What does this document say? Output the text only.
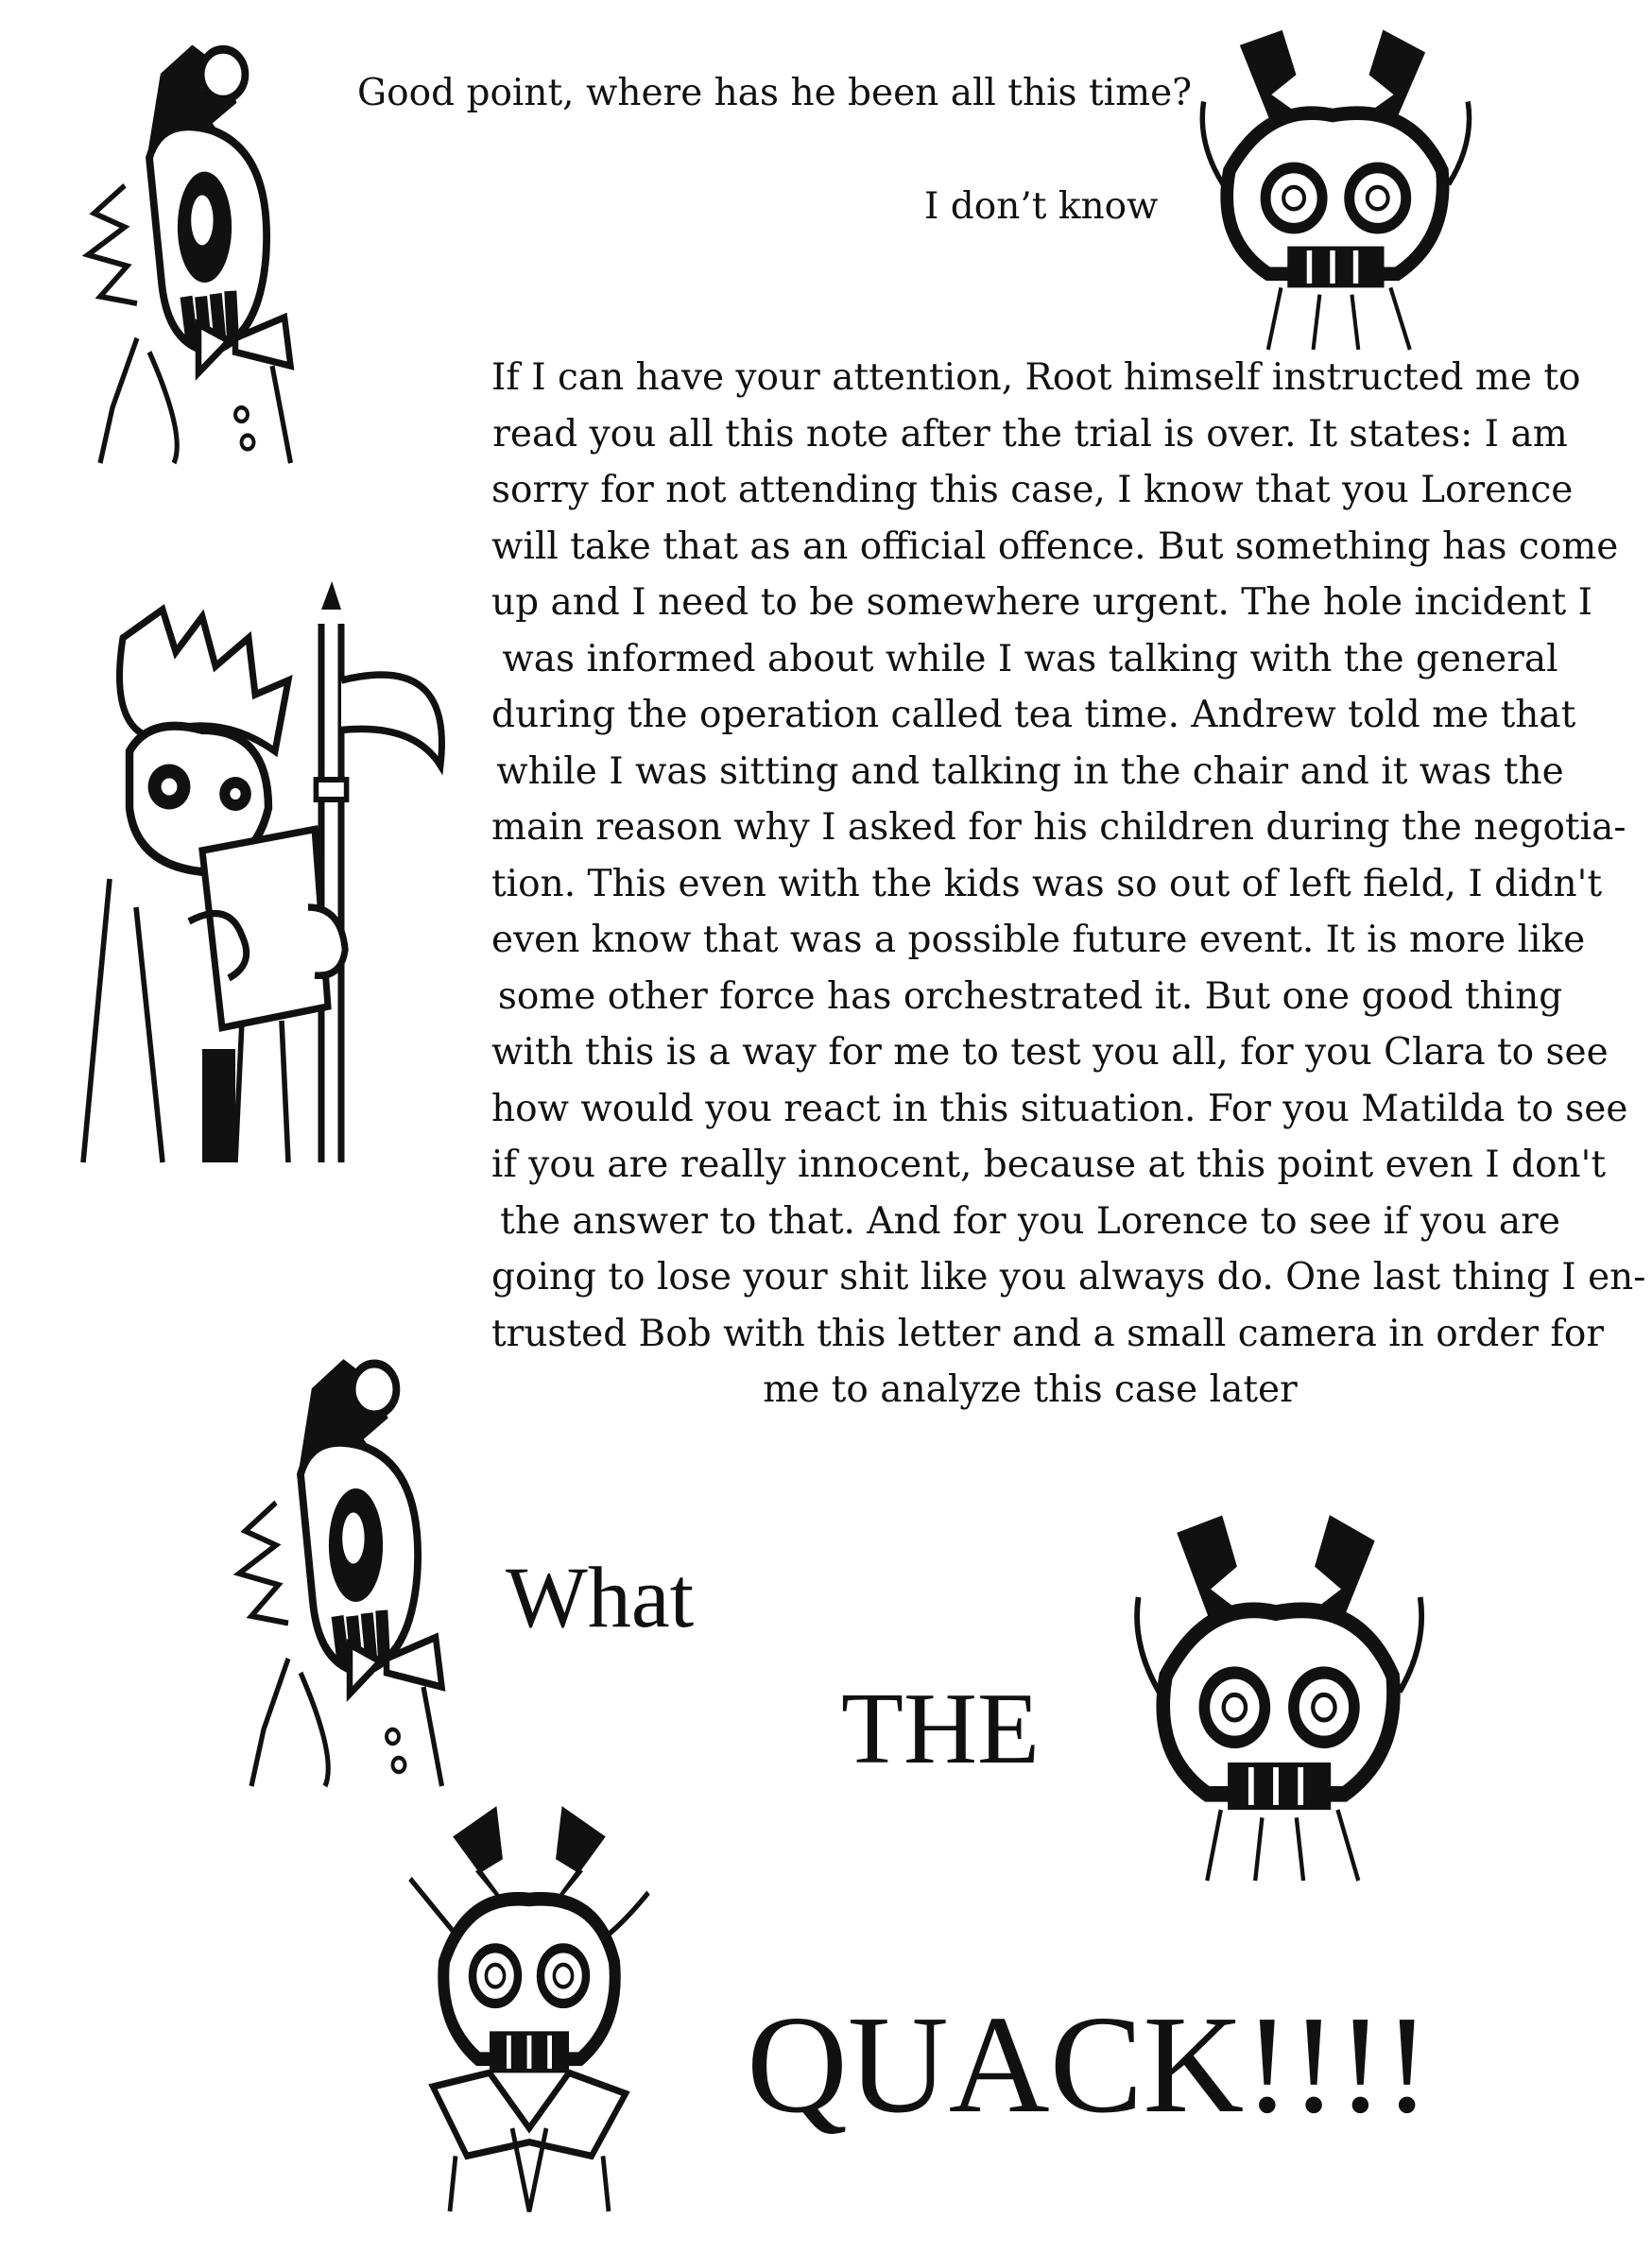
Good point, where has he been all this time?
I don’t know

If I can have your attention, Root himself instructed me to

read you all this note after the trial is over. It states: I am

sorry for not attending this case, I know that you Lorence

will take that as an official offence. But something has come

up and I need to be somewhere urgent. The hole incident I

was informed about while I was talking with the general

during the operation called tea time. Andrew told me that

while I was sitting and talking in the chair and it was the

main reason why I asked for his children during the negotia-

tion. This even with the kids was so out of left field, I didn't

even know that was a possible future event. It is more like

some other force has orchestrated it. But one good thing

with this is a way for me to test you all, for you Clara to see

how would you react in this situation. For you Matilda to see

if you are really innocent, because at this point even I don't

the answer to that. And for you Lorence to see if you are

going to lose your shit like you always do. One last thing I en-

trusted Bob with this letter and a small camera in order for

me to analyze this case later

What
THE
QUACK!!!!
